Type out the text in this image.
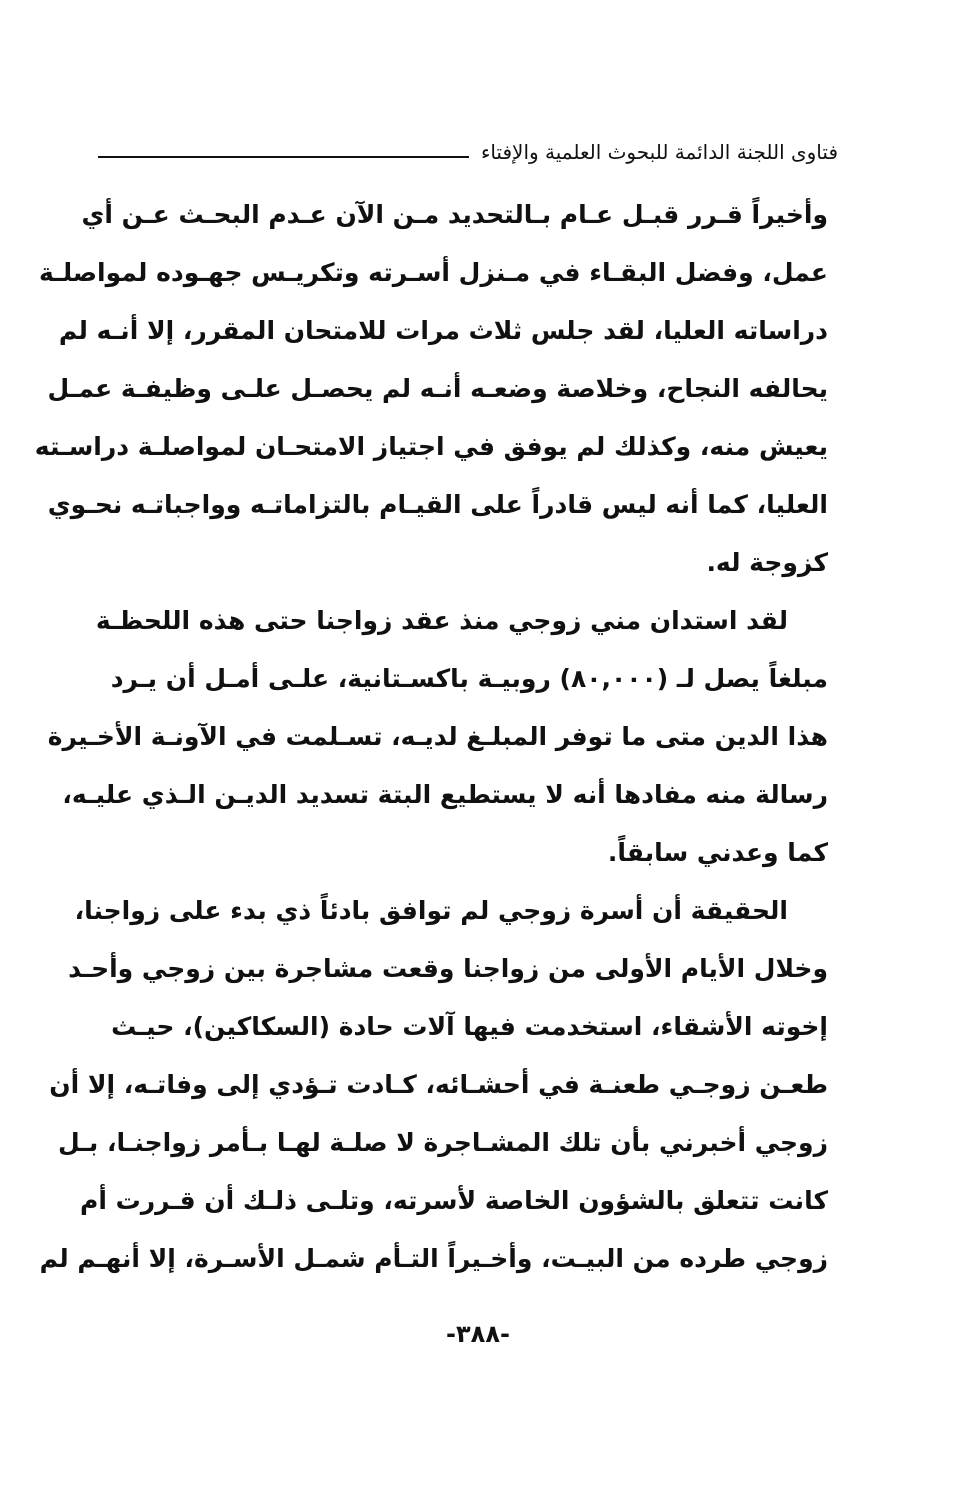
فتاوى اللجنة الدائمة للبحوث العلمية والإفتاء
وأخيراً قـرر قبـل عـام بـالتحديد مـن الآن عـدم البحـث عـن أي
عمل، وفضل البقـاء في مـنزل أسـرته وتكريـس جهـوده لمواصلـة
دراساته العليا، لقد جلس ثلاث مرات للامتحان المقرر، إلا أنـه لم
يحالفه النجاح، وخلاصة وضعـه أنـه لم يحصـل علـى وظيفـة عمـل
يعيش منه، وكذلك لم يوفق في اجتياز الامتحـان لمواصلـة دراسـته
العليا، كما أنه ليس قادراً على القيـام بالتزاماتـه وواجباتـه نحـوي
كزوجة له.
لقد استدان مني زوجي منذ عقد زواجنا حتى هذه اللحظـة
مبلغاً يصل لـ (٨٠,٠٠٠) روبيـة باكسـتانية، علـى أمـل أن يـرد
هذا الدين متى ما توفر المبلـغ لديـه، تسـلمت في الآونـة الأخـيرة
رسالة منه مفادها أنه لا يستطيع البتة تسديد الديـن الـذي عليـه،
كما وعدني سابقاً.
الحقيقة أن أسرة زوجي لم توافق بادئاً ذي بدء على زواجنا،
وخلال الأيام الأولى من زواجنا وقعت مشاجرة بين زوجي وأحـد
إخوته الأشقاء، استخدمت فيها آلات حادة (السكاكين)، حيـث
طعـن زوجـي طعنـة في أحشـائه، كـادت تـؤدي إلى وفاتـه، إلا أن
زوجي أخبرني بأن تلك المشـاجرة لا صلـة لهـا بـأمر زواجنـا، بـل
كانت تتعلق بالشؤون الخاصة لأسرته، وتلـى ذلـك أن قـررت أم
زوجي طرده من البيـت، وأخـيراً التـأم شمـل الأسـرة، إلا أنهـم لم
-٣٨٨-
